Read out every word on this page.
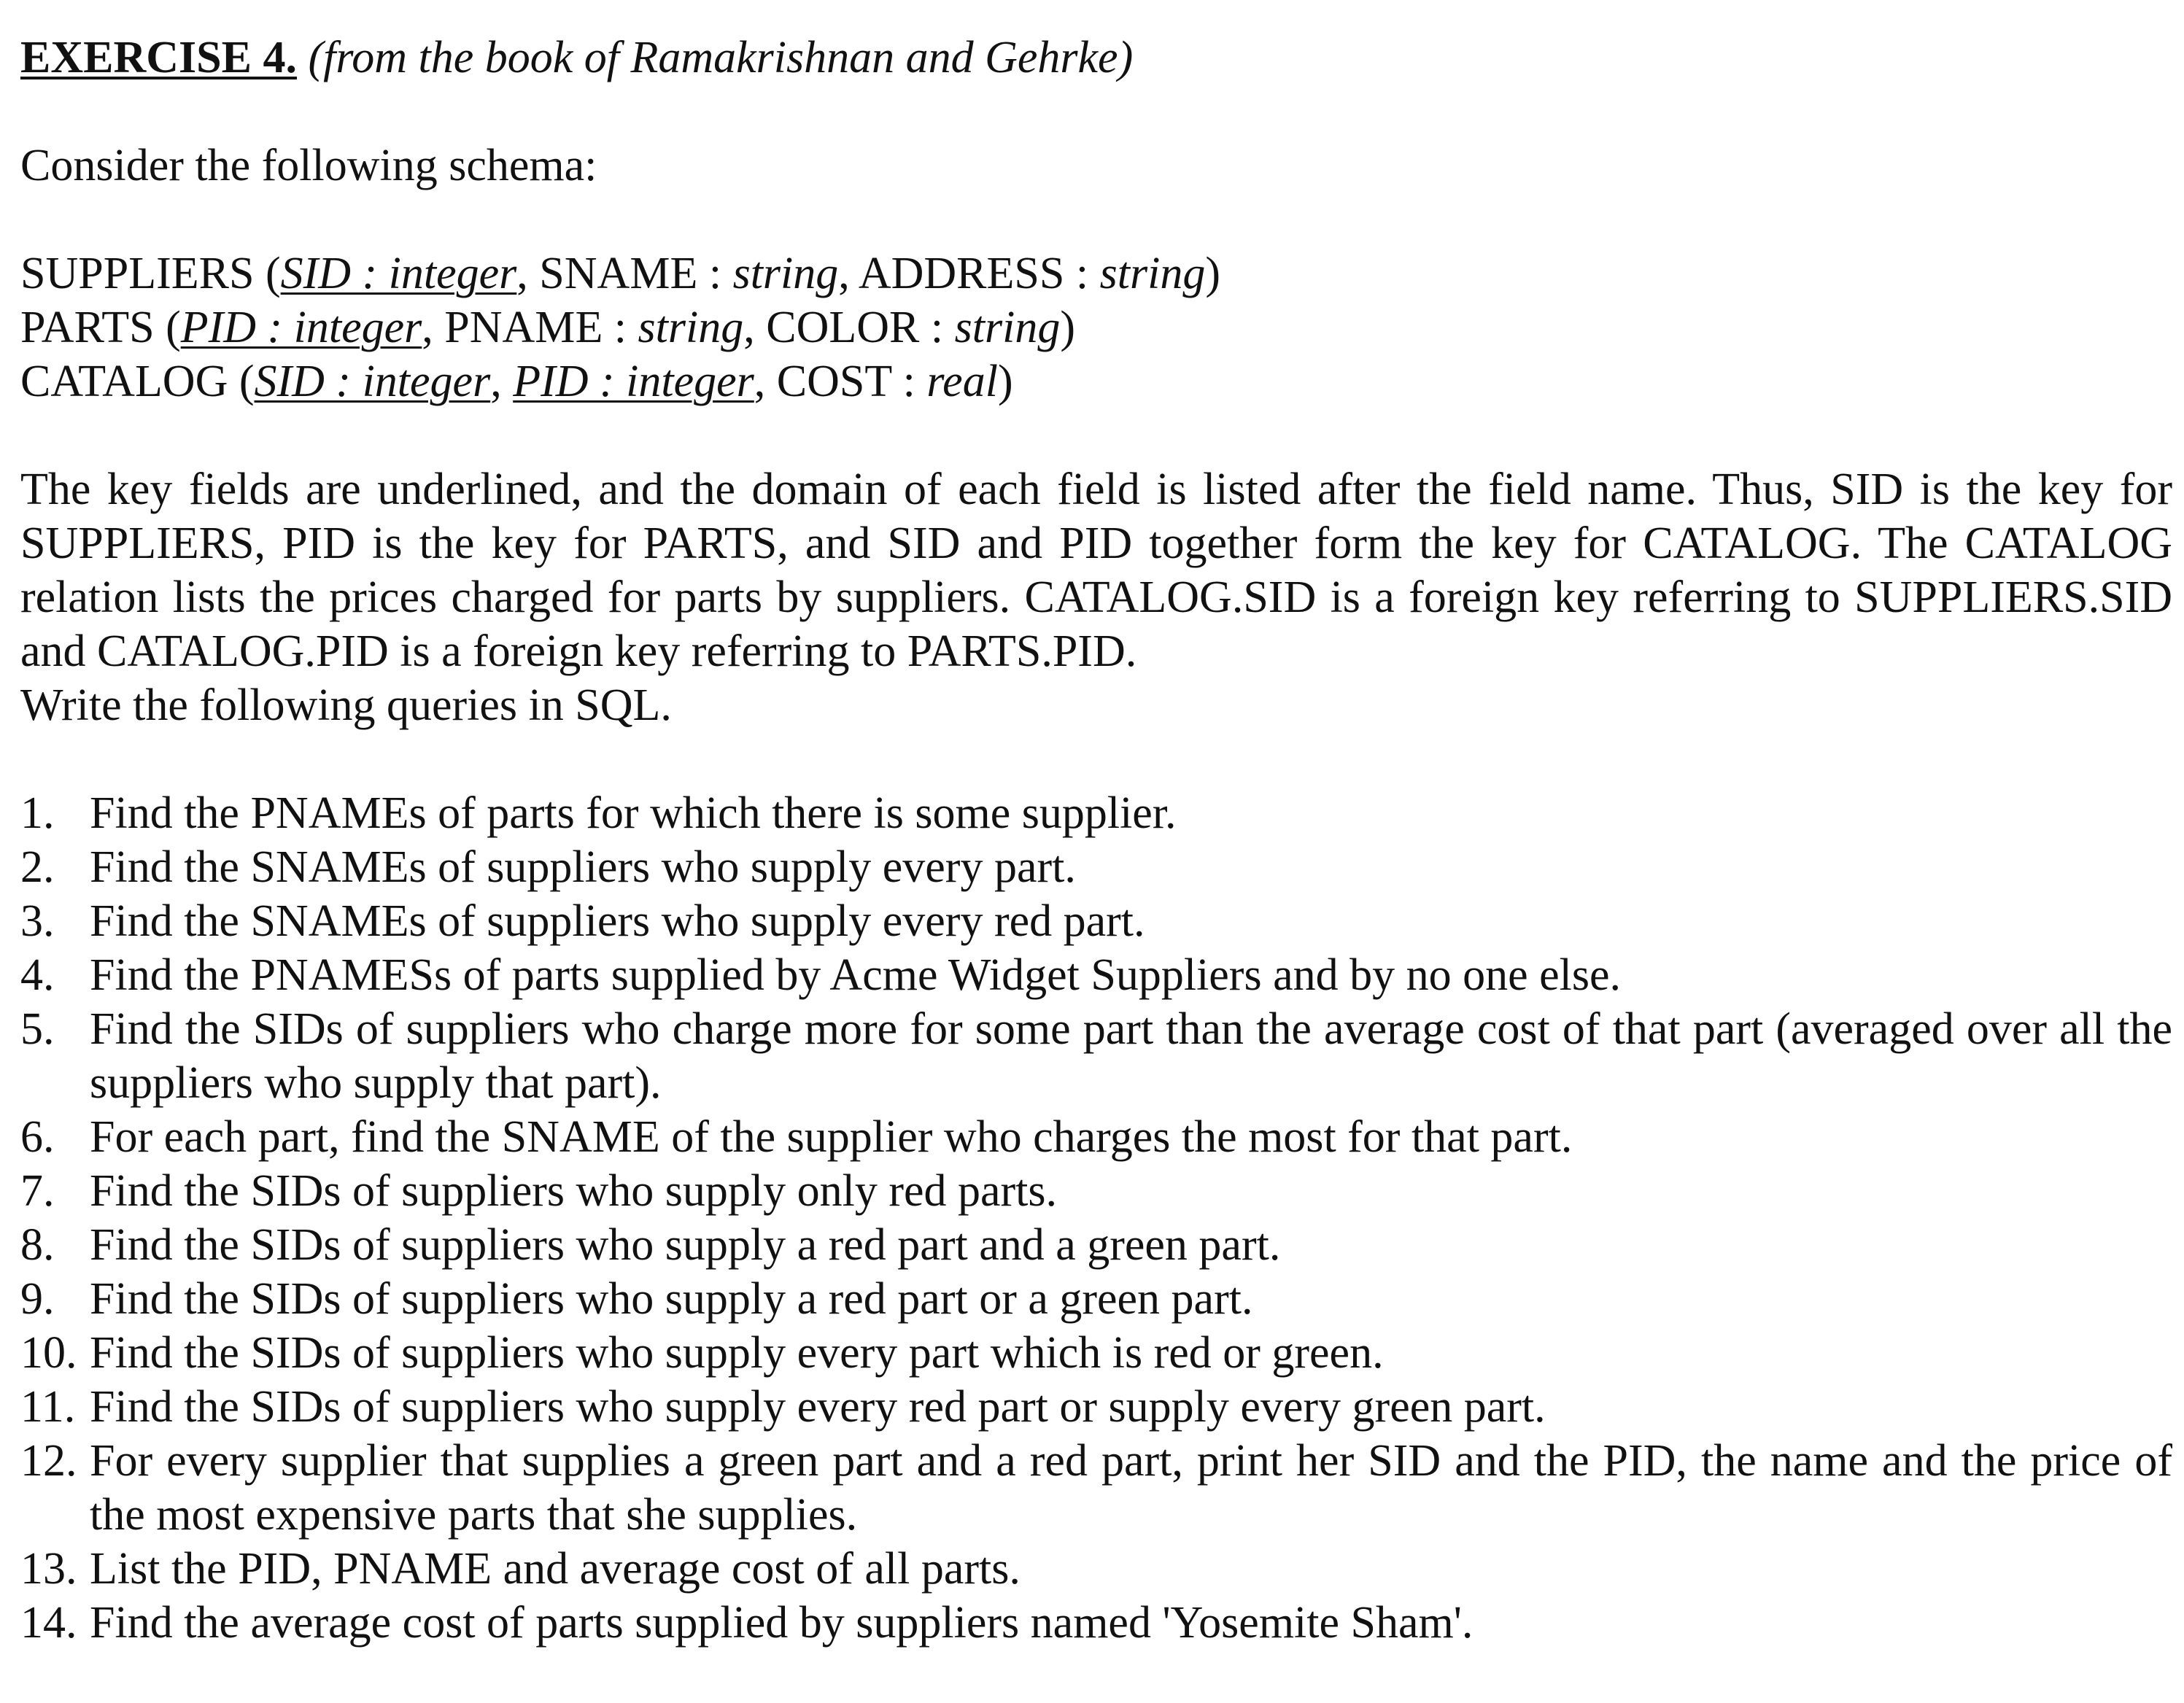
EXERCISE 4. (from the book of Ramakrishnan and Gehrke)

Consider the following schema:

SUPPLIERS (SID : integer, SNAME : string, ADDRESS : string)
PARTS (PID : integer, PNAME : string, COLOR : string)
CATALOG (SID : integer, PID : integer, COST : real)

The key fields are underlined, and the domain of each field is listed after the field name. Thus, SID is the key for SUPPLIERS, PID is the key for PARTS, and SID and PID together form the key for CATALOG. The CATALOG relation lists the prices charged for parts by suppliers. CATALOG.SID is a foreign key referring to SUPPLIERS.SID and CATALOG.PID is a foreign key referring to PARTS.PID.

Write the following queries in SQL.

1. Find the PNAMEs of parts for which there is some supplier.
2. Find the SNAMEs of suppliers who supply every part.
3. Find the SNAMEs of suppliers who supply every red part.
4. Find the PNAMESs of parts supplied by Acme Widget Suppliers and by no one else.
5. Find the SIDs of suppliers who charge more for some part than the average cost of that part (averaged over all the suppliers who supply that part).
6. For each part, find the SNAME of the supplier who charges the most for that part.
7. Find the SIDs of suppliers who supply only red parts.
8. Find the SIDs of suppliers who supply a red part and a green part.
9. Find the SIDs of suppliers who supply a red part or a green part.
10. Find the SIDs of suppliers who supply every part which is red or green.
11. Find the SIDs of suppliers who supply every red part or supply every green part.
12. For every supplier that supplies a green part and a red part, print her SID and the PID, the name and the price of the most expensive parts that she supplies.
13. List the PID, PNAME and average cost of all parts.
14. Find the average cost of parts supplied by suppliers named 'Yosemite Sham'.
